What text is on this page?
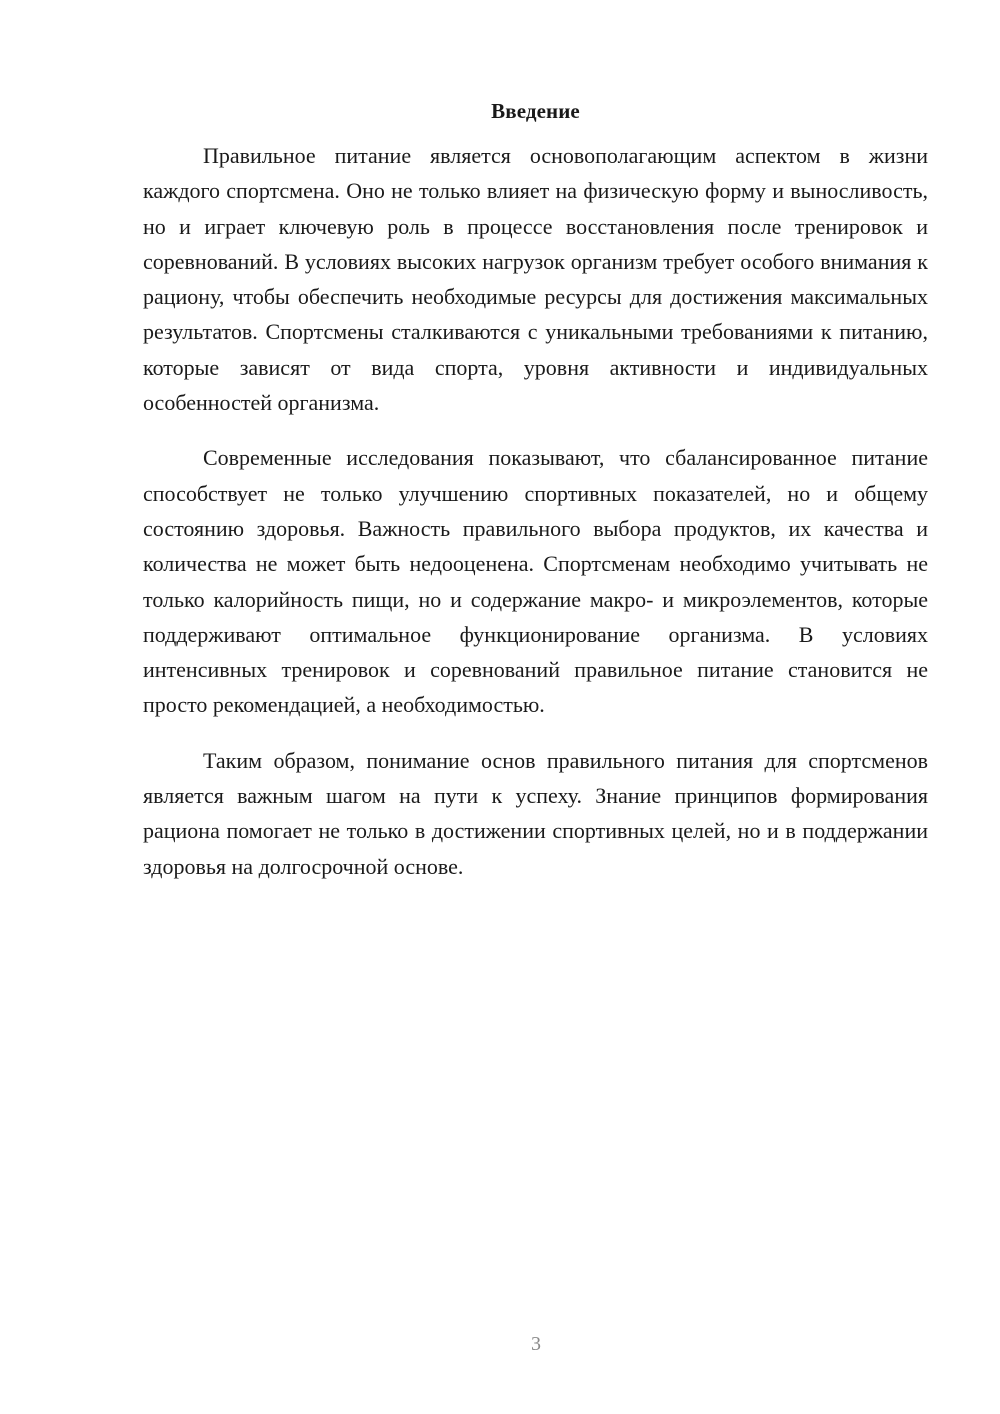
Введение

Правильное питание является основополагающим аспектом в жизни каждого спортсмена. Оно не только влияет на физическую форму и выносливость, но и играет ключевую роль в процессе восстановления после тренировок и соревнований. В условиях высоких нагрузок организм требует особого внимания к рациону, чтобы обеспечить необходимые ресурсы для достижения максимальных результатов. Спортсмены сталкиваются с уникальными требованиями к питанию, которые зависят от вида спорта, уровня активности и индивидуальных особенностей организма.

Современные исследования показывают, что сбалансированное питание способствует не только улучшению спортивных показателей, но и общему состоянию здоровья. Важность правильного выбора продуктов, их качества и количества не может быть недооценена. Спортсменам необходимо учитывать не только калорийность пищи, но и содержание макро- и микроэлементов, которые поддерживают оптимальное функционирование организма. В условиях интенсивных тренировок и соревнований правильное питание становится не просто рекомендацией, а необходимостью.

Таким образом, понимание основ правильного питания для спортсменов является важным шагом на пути к успеху. Знание принципов формирования рациона помогает не только в достижении спортивных целей, но и в поддержании здоровья на долгосрочной основе.

3
